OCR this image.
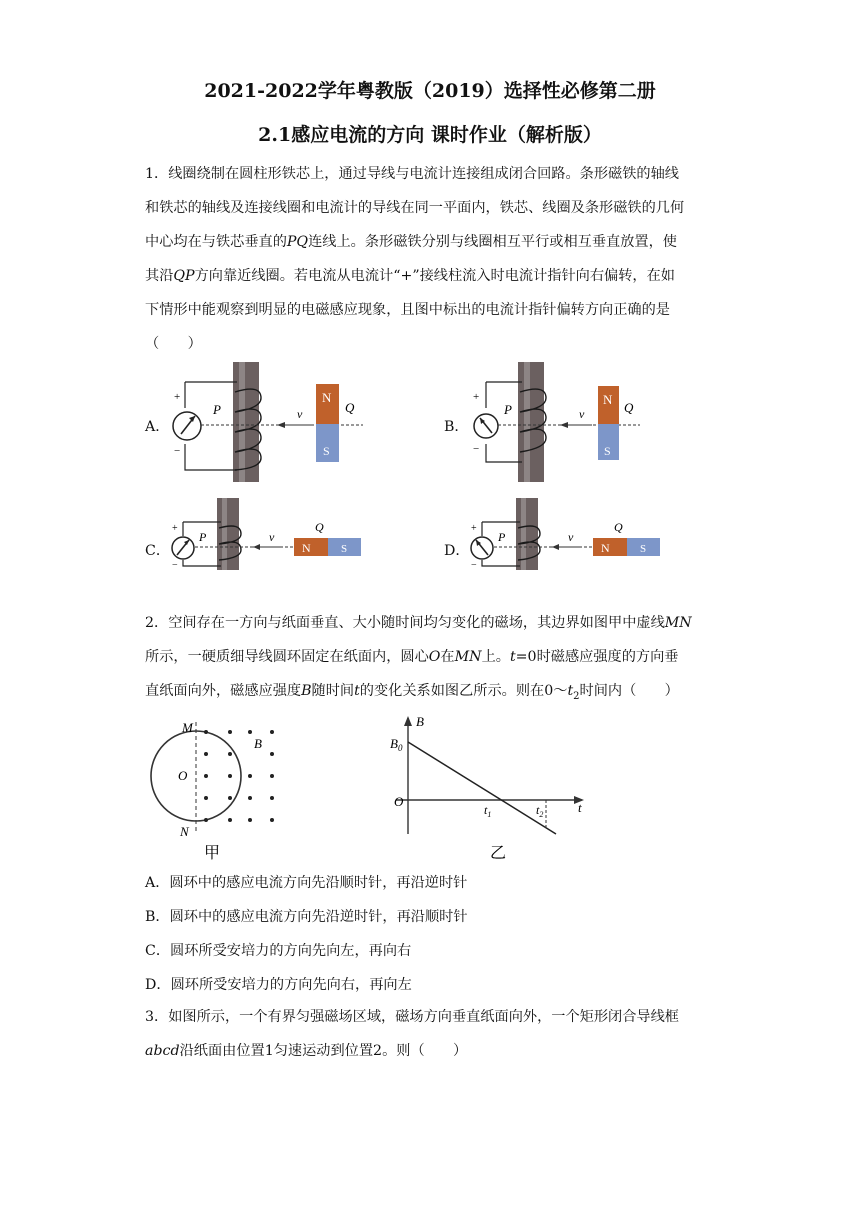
2021-2022学年粤教版（2019）选择性必修第二册
2.1感应电流的方向 课时作业（解析版）
1．线圈绕制在圆柱形铁芯上，通过导线与电流计连接组成闭合回路。条形磁铁的轴线
和铁芯的轴线及连接线圈和电流计的导线在同一平面内，铁芯、线圈及条形磁铁的几何
中心均在与铁芯垂直的PQ连线上。条形磁铁分别与线圈相互平行或相互垂直放置，使
其沿QP方向靠近线圈。若电流从电流计“+”接线柱流入时电流计指针向右偏转，在如
下情形中能观察到明显的电磁感应现象，且图中标出的电流计指针偏转方向正确的是
（　　）
A．	B．
C．	D．
+
−
P	v
N
S
Q
+
−
P	v
N
S
Q
+
−
P	v
N	S
Q	+
−
P	v
N	S
Q
2．空间存在一方向与纸面垂直、大小随时间均匀变化的磁场，其边界如图甲中虚线MN
所示，一硬质细导线圆环固定在纸面内，圆心O在MN上。t=0时磁感应强度的方向垂
直纸面向外，磁感应强度B随时间t的变化关系如图乙所示。则在$0\sim t_2$时间内（　　）
M
N
O
B
甲
B
$B_0$
O
$t_1$	$t_2$	t
乙
A．圆环中的感应电流方向先沿顺时针，再沿逆时针
B．圆环中的感应电流方向先沿逆时针，再沿顺时针
C．圆环所受安培力的方向先向左，再向右
D．圆环所受安培力的方向先向右，再向左
3．如图所示，一个有界匀强磁场区域，磁场方向垂直纸面向外，一个矩形闭合导线框
abcd沿纸面由位置1匀速运动到位置2。则（　　）
